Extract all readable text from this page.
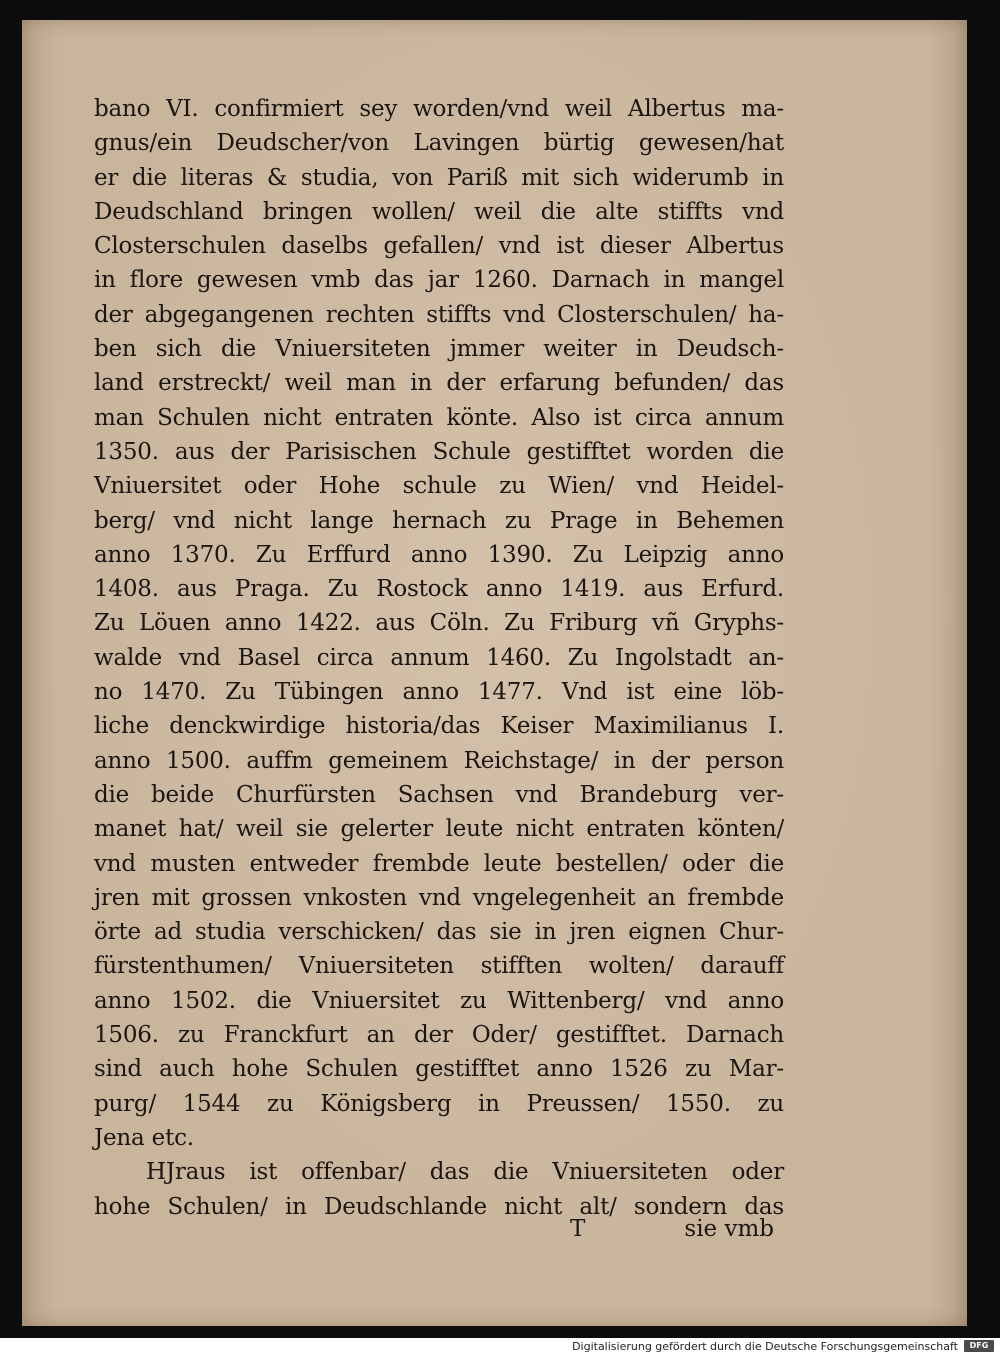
bano VI. confirmiert sey worden/vnd weil Albertus ma-
gnus/ein Deudscher/von Lavingen bürtig gewesen/hat
er die literas & studia, von Pariß mit sich widerumb in
Deudschland bringen wollen/ weil die alte stiffts vnd
Closterschulen daselbs gefallen/ vnd ist dieser Albertus
in flore gewesen vmb das jar 1260. Darnach in mangel
der abgegangenen rechten stiffts vnd Closterschulen/ ha-
ben sich die Vniuersiteten jmmer weiter in Deudsch-
land erstreckt/ weil man in der erfarung befunden/ das
man Schulen nicht entraten könte. Also ist circa annum
1350. aus der Parisischen Schule gestifftet worden die
Vniuersitet oder Hohe schule zu Wien/ vnd Heidel-
berg/ vnd nicht lange hernach zu Prage in Behemen
anno 1370. Zu Erffurd anno 1390. Zu Leipzig anno
1408. aus Praga. Zu Rostock anno 1419. aus Erfurd.
Zu Löuen anno 1422. aus Cöln. Zu Friburg vñ Gryphs-
walde vnd Basel circa annum 1460. Zu Ingolstadt an-
no 1470. Zu Tübingen anno 1477. Vnd ist eine löb-
liche denckwirdige historia/das Keiser Maximilianus I.
anno 1500. auffm gemeinem Reichstage/ in der person
die beide Churfürsten Sachsen vnd Brandeburg ver-
manet hat/ weil sie gelerter leute nicht entraten könten/
vnd musten entweder frembde leute bestellen/ oder die
jren mit grossen vnkosten vnd vngelegenheit an frembde
örte ad studia verschicken/ das sie in jren eignen Chur-
fürstenthumen/ Vniuersiteten stifften wolten/ darauff
anno 1502. die Vniuersitet zu Wittenberg/ vnd anno
1506. zu Franckfurt an der Oder/ gestifftet. Darnach
sind auch hohe Schulen gestifftet anno 1526 zu Mar-
purg/ 1544 zu Königsberg in Preussen/ 1550. zu
Jena etc.
HJraus ist offenbar/ das die Vniuersiteten oder
hohe Schulen/ in Deudschlande nicht alt/ sondern das
T	sie vmb
Digitalisierung gefördert durch die Deutsche Forschungsgemeinschaft	DFG
